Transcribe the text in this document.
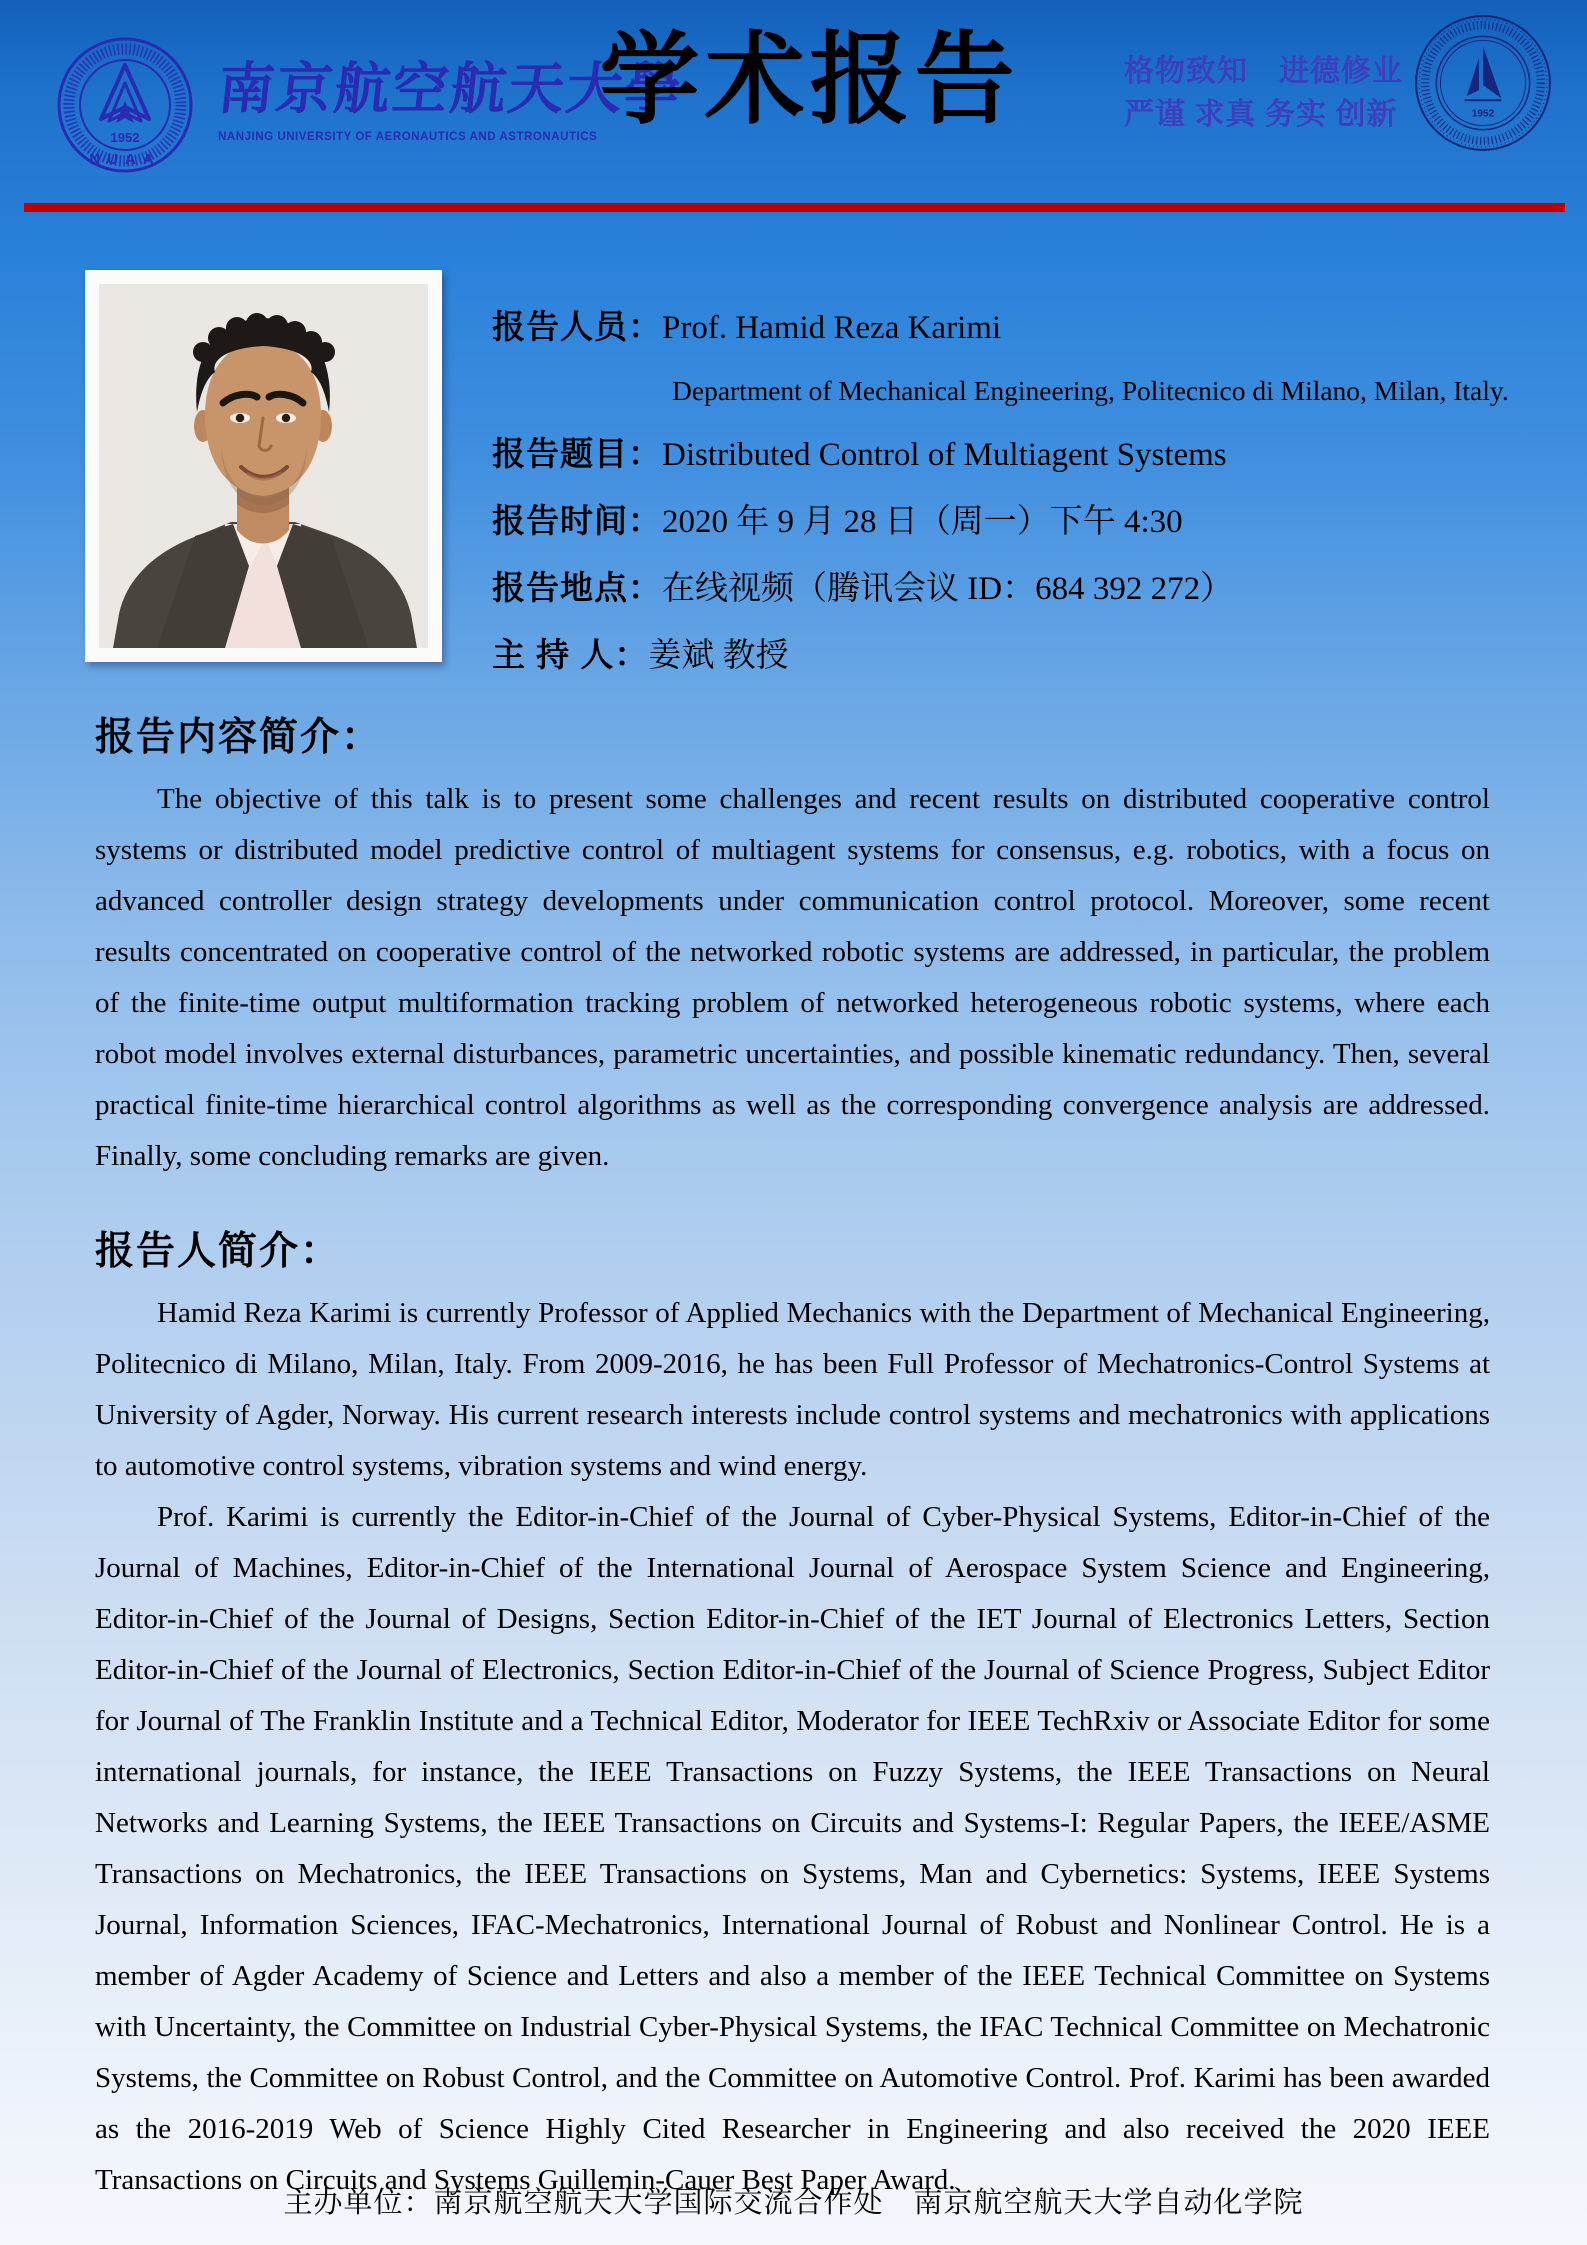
1952
NUAA
南京航空航天大學
NANJING UNIVERSITY OF AERONAUTICS AND ASTRONAUTICS
学术报告	格物致知　进德修业
严谨 求真 务实 创新	1952
报告人员：Prof. Hamid Reza Karimi
Department of Mechanical Engineering, Politecnico di Milano, Milan, Italy.
报告题目：Distributed Control of Multiagent Systems
报告时间：2020 年 9 月 28 日（周一）下午 4:30
报告地点：在线视频（腾讯会议 ID：684 392 272）
主 持 人：姜斌 教授
报告内容简介：

The objective of this talk is to present some challenges and recent results on distributed cooperative control systems or distributed model predictive control of multiagent systems for consensus, e.g. robotics, with a focus on advanced controller design strategy developments under communication control protocol. Moreover, some recent results concentrated on cooperative control of the networked robotic systems are addressed, in particular, the problem of the finite-time output multiformation tracking problem of networked heterogeneous robotic systems, where each robot model involves external disturbances, parametric uncertainties, and possible kinematic redundancy. Then, several practical finite-time hierarchical control algorithms as well as the corresponding convergence analysis are addressed. Finally, some concluding remarks are given.

报告人简介：

Hamid Reza Karimi is currently Professor of Applied Mechanics with the Department of Mechanical Engineering, Politecnico di Milano, Milan, Italy. From 2009-2016, he has been Full Professor of Mechatronics-Control Systems at University of Agder, Norway. His current research interests include control systems and mechatronics with applications to automotive control systems, vibration systems and wind energy.

Prof. Karimi is currently the Editor-in-Chief of the Journal of Cyber-Physical Systems, Editor-in-Chief of the Journal of Machines, Editor-in-Chief of the International Journal of Aerospace System Science and Engineering, Editor-in-Chief of the Journal of Designs, Section Editor-in-Chief of the IET Journal of Electronics Letters, Section Editor-in-Chief of the Journal of Electronics, Section Editor-in-Chief of the Journal of Science Progress, Subject Editor for Journal of The Franklin Institute and a Technical Editor, Moderator for IEEE TechRxiv or Associate Editor for some international journals, for instance, the IEEE Transactions on Fuzzy Systems, the IEEE Transactions on Neural Networks and Learning Systems, the IEEE Transactions on Circuits and Systems-I: Regular Papers, the IEEE/ASME Transactions on Mechatronics, the IEEE Transactions on Systems, Man and Cybernetics: Systems, IEEE Systems Journal, Information Sciences, IFAC-Mechatronics, International Journal of Robust and Nonlinear Control. He is a member of Agder Academy of Science and Letters and also a member of the IEEE Technical Committee on Systems with Uncertainty, the Committee on Industrial Cyber-Physical Systems, the IFAC Technical Committee on Mechatronic Systems, the Committee on Robust Control, and the Committee on Automotive Control. Prof. Karimi has been awarded as the 2016-2019 Web of Science Highly Cited Researcher in Engineering and also received the 2020 IEEE Transactions on Circuits and Systems Guillemin-Cauer Best Paper Award.

主办单位：南京航空航天大学国际交流合作处　南京航空航天大学自动化学院
